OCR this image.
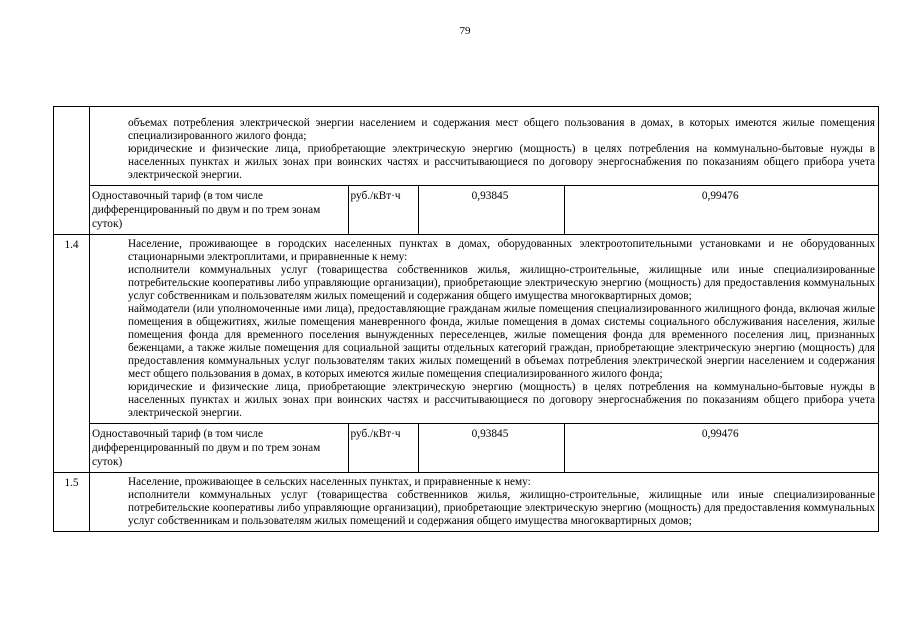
79

объемах потребления электрической энергии населением и содержания мест общего пользования в домах, в которых имеются жилые помещения специализированного жилого фонда;

юридические и физические лица, приобретающие электрическую энергию (мощность) в целях потребления на коммунально-бытовые нужды в населенных пунктах и жилых зонах при воинских частях и рассчитывающиеся по договору энергоснабжения по показаниям общего прибора учета электрической энергии.

Одноставочный тариф (в том числе дифференцированный по двум и по трем зонам суток)	руб./кВт·ч	0,93845	0,99476

1.4	Население, проживающее в городских населенных пунктах в домах, оборудованных электроотопительными установками и не оборудованных стационарными электроплитами, и приравненные к нему:

исполнители коммунальных услуг (товарищества собственников жилья, жилищно-строительные, жилищные или иные специализированные потребительские кооперативы либо управляющие организации), приобретающие электрическую энергию (мощность) для предоставления коммунальных услуг собственникам и пользователям жилых помещений и содержания общего имущества многоквартирных домов;

наймодатели (или уполномоченные ими лица), предоставляющие гражданам жилые помещения специализированного жилищного фонда, включая жилые помещения в общежитиях, жилые помещения маневренного фонда, жилые помещения в домах системы социального обслуживания населения, жилые помещения фонда для временного поселения вынужденных переселенцев, жилые помещения фонда для временного поселения лиц, признанных беженцами, а также жилые помещения для социальной защиты отдельных категорий граждан, приобретающие электрическую энергию (мощность) для предоставления коммунальных услуг пользователям таких жилых помещений в объемах потребления электрической энергии населением и содержания мест общего пользования в домах, в которых имеются жилые помещения специализированного жилого фонда;

юридические и физические лица, приобретающие электрическую энергию (мощность) в целях потребления на коммунально-бытовые нужды в населенных пунктах и жилых зонах при воинских частях и рассчитывающиеся по договору энергоснабжения по показаниям общего прибора учета электрической энергии.

Одноставочный тариф (в том числе дифференцированный по двум и по трем зонам суток)	руб./кВт·ч	0,93845	0,99476

1.5	Население, проживающее в сельских населенных пунктах, и приравненные к нему:

исполнители коммунальных услуг (товарищества собственников жилья, жилищно-строительные, жилищные или иные специализированные потребительские кооперативы либо управляющие организации), приобретающие электрическую энергию (мощность) для предоставления коммунальных услуг собственникам и пользователям жилых помещений и содержания общего имущества многоквартирных домов;
